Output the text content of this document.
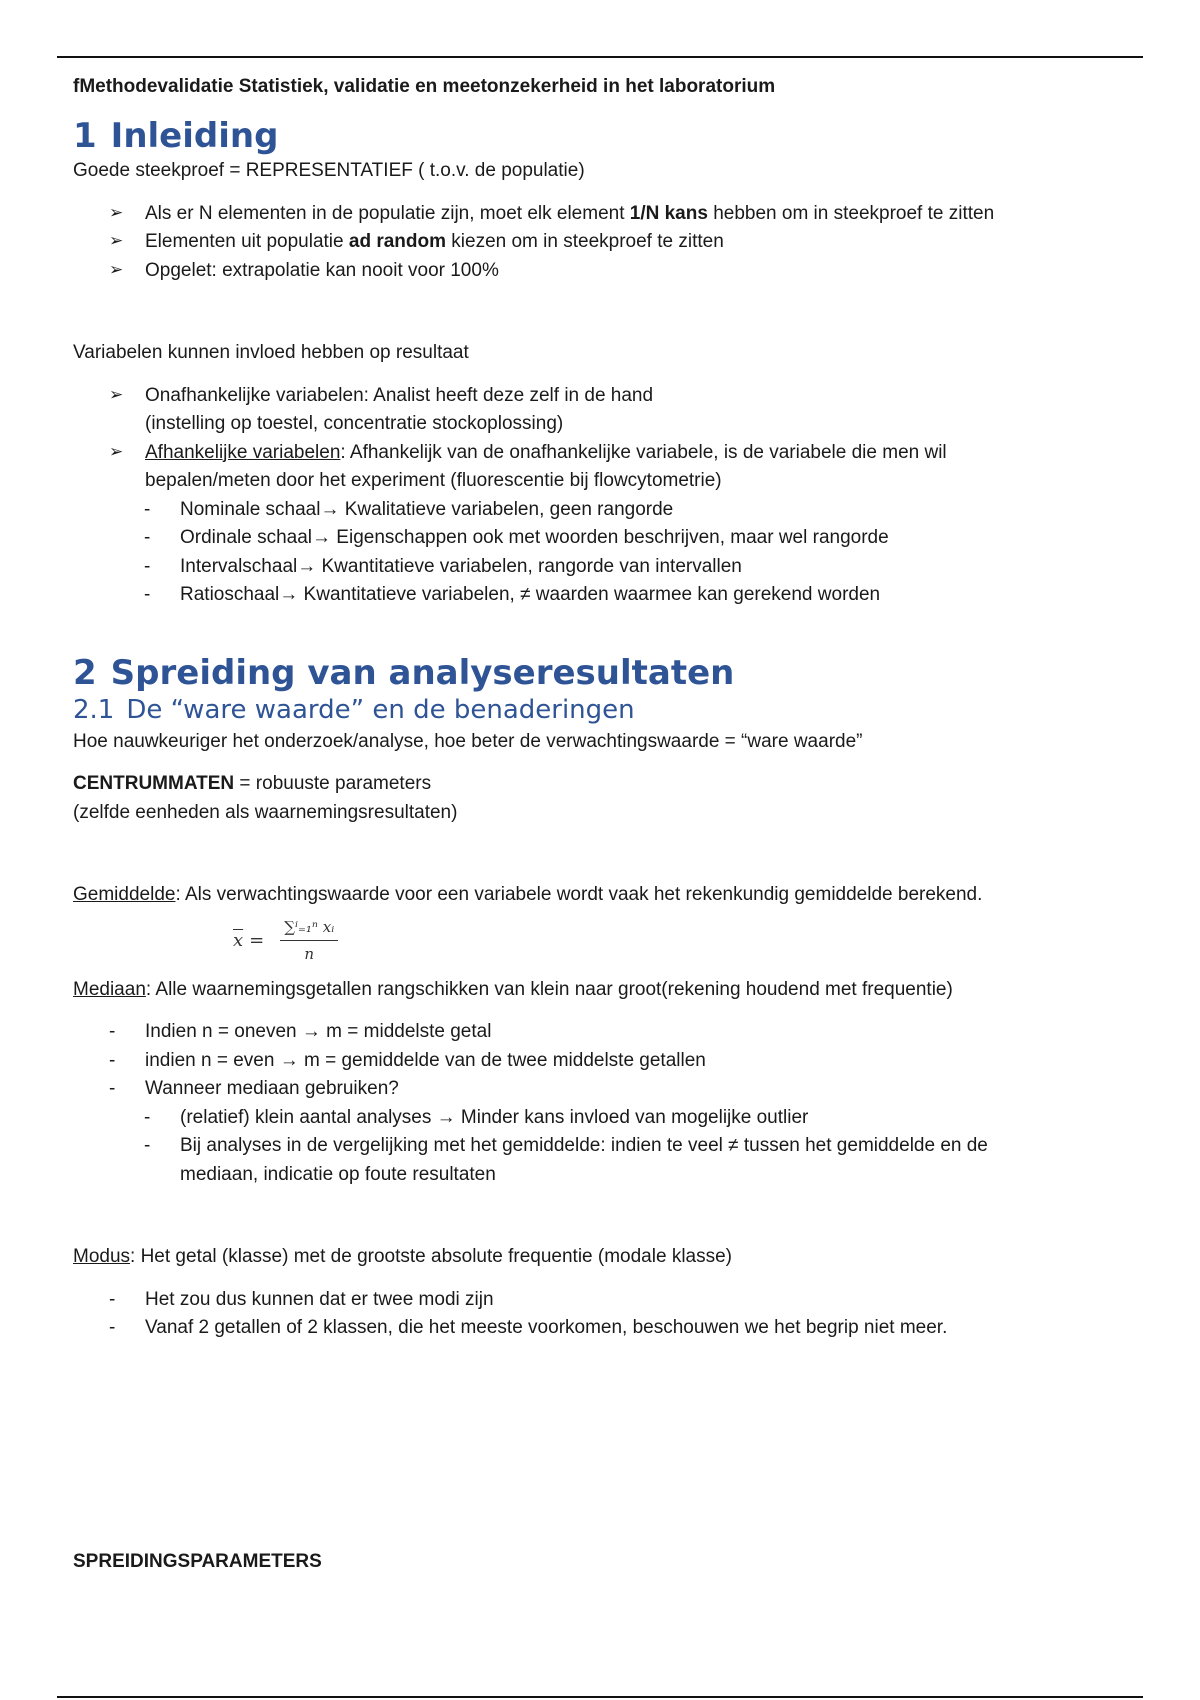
fMethodevalidatie Statistiek, validatie en meetonzekerheid in het laboratorium

1 Inleiding

Goede steekproef = REPRESENTATIEF ( t.o.v. de populatie)

➢ Als er N elementen in de populatie zijn, moet elk element 1/N kans hebben om in steekproef te zitten
➢ Elementen uit populatie ad random kiezen om in steekproef te zitten
➢ Opgelet: extrapolatie kan nooit voor 100%

Variabelen kunnen invloed hebben op resultaat

➢ Onafhankelijke variabelen: Analist heeft deze zelf in de hand
(instelling op toestel, concentratie stockoplossing)
➢ Afhankelijke variabelen: Afhankelijk van de onafhankelijke variabele, is de variabele die men wil
bepalen/meten door het experiment (fluorescentie bij flowcytometrie)
- Nominale schaal→ Kwalitatieve variabelen, geen rangorde
- Ordinale schaal→ Eigenschappen ook met woorden beschrijven, maar wel rangorde
- Intervalschaal→ Kwantitatieve variabelen, rangorde van intervallen
- Ratioschaal→ Kwantitatieve variabelen, ≠ waarden waarmee kan gerekend worden
2 Spreiding van analyseresultaten
2.1 De “ware waarde” en de benaderingen

Hoe nauwkeuriger het onderzoek/analyse, hoe beter de verwachtingswaarde = “ware waarde”

CENTRUMMATEN = robuuste parameters

(zelfde eenheden als waarnemingsresultaten)

Gemiddelde: Als verwachtingswaarde voor een variabele wordt vaak het rekenkundig gemiddelde berekend.

$\overline{x} = \frac{\text{∑ⁱ₌₁ⁿ xᵢ}}{n}$

Mediaan: Alle waarnemingsgetallen rangschikken van klein naar groot(rekening houdend met frequentie)

- Indien n = oneven → m = middelste getal
- indien n = even → m = gemiddelde van de twee middelste getallen
- Wanneer mediaan gebruiken?
- (relatief) klein aantal analyses → Minder kans invloed van mogelijke outlier
- Bij analyses in de vergelijking met het gemiddelde: indien te veel ≠ tussen het gemiddelde en de
mediaan, indicatie op foute resultaten

Modus: Het getal (klasse) met de grootste absolute frequentie (modale klasse)

- Het zou dus kunnen dat er twee modi zijn
- Vanaf 2 getallen of 2 klassen, die het meeste voorkomen, beschouwen we het begrip niet meer.

SPREIDINGSPARAMETERS
